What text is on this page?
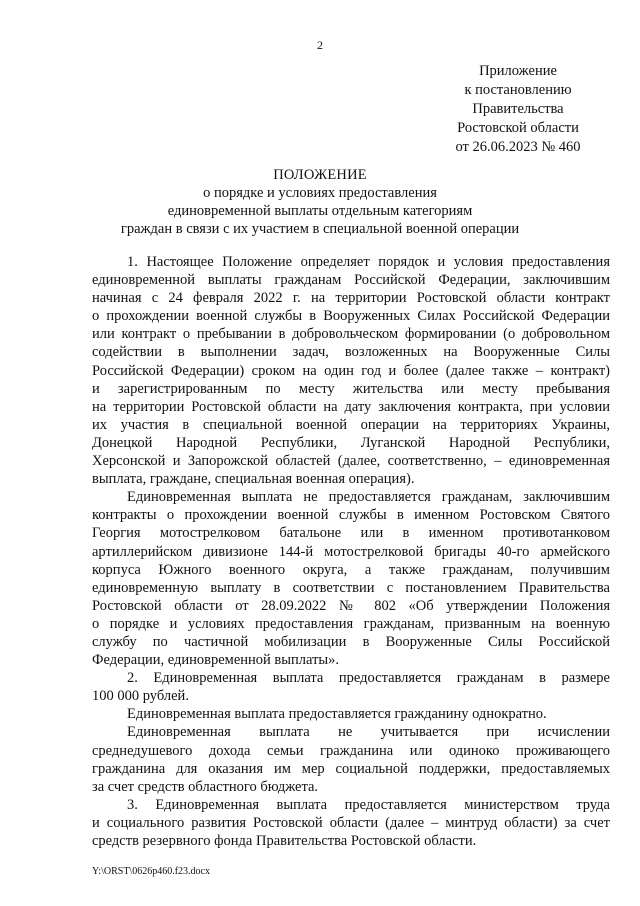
2
Приложение
к постановлению
Правительства
Ростовской области
от 26.06.2023 № 460
ПОЛОЖЕНИЕ
о порядке и условиях предоставления
единовременной выплаты отдельным категориям
граждан в связи с их участием в специальной военной операции
1. Настоящее Положение определяет порядок и условия предоставления
единовременной выплаты гражданам Российской Федерации, заключившим
начиная с 24 февраля 2022 г. на территории Ростовской области контракт
о прохождении военной службы в Вооруженных Силах Российской Федерации
или контракт о пребывании в добровольческом формировании (о добровольном
содействии в выполнении задач, возложенных на Вооруженные Силы
Российской Федерации) сроком на один год и более (далее также – контракт)
и зарегистрированным по месту жительства или месту пребывания
на территории Ростовской области на дату заключения контракта, при условии
их участия в специальной военной операции на территориях Украины,
Донецкой Народной Республики, Луганской Народной Республики,
Херсонской и Запорожской областей (далее, соответственно, – единовременная
выплата, граждане, специальная военная операция).
Единовременная выплата не предоставляется гражданам, заключившим
контракты о прохождении военной службы в именном Ростовском Святого
Георгия мотострелковом батальоне или в именном противотанковом
артиллерийском дивизионе 144-й мотострелковой бригады 40-го армейского
корпуса Южного военного округа, а также гражданам, получившим
единовременную выплату в соответствии с постановлением Правительства
Ростовской области от 28.09.2022 № 802 «Об утверждении Положения
о порядке и условиях предоставления гражданам, призванным на военную
службу по частичной мобилизации в Вооруженные Силы Российской
Федерации, единовременной выплаты».
2. Единовременная выплата предоставляется гражданам в размере
100 000 рублей.
Единовременная выплата предоставляется гражданину однократно.
Единовременная выплата не учитывается при исчислении
среднедушевого дохода семьи гражданина или одиноко проживающего
гражданина для оказания им мер социальной поддержки, предоставляемых
за счет средств областного бюджета.
3. Единовременная выплата предоставляется министерством труда
и социального развития Ростовской области (далее – минтруд области) за счет
средств резервного фонда Правительства Ростовской области.
Y:\ORST\0626p460.f23.docx
